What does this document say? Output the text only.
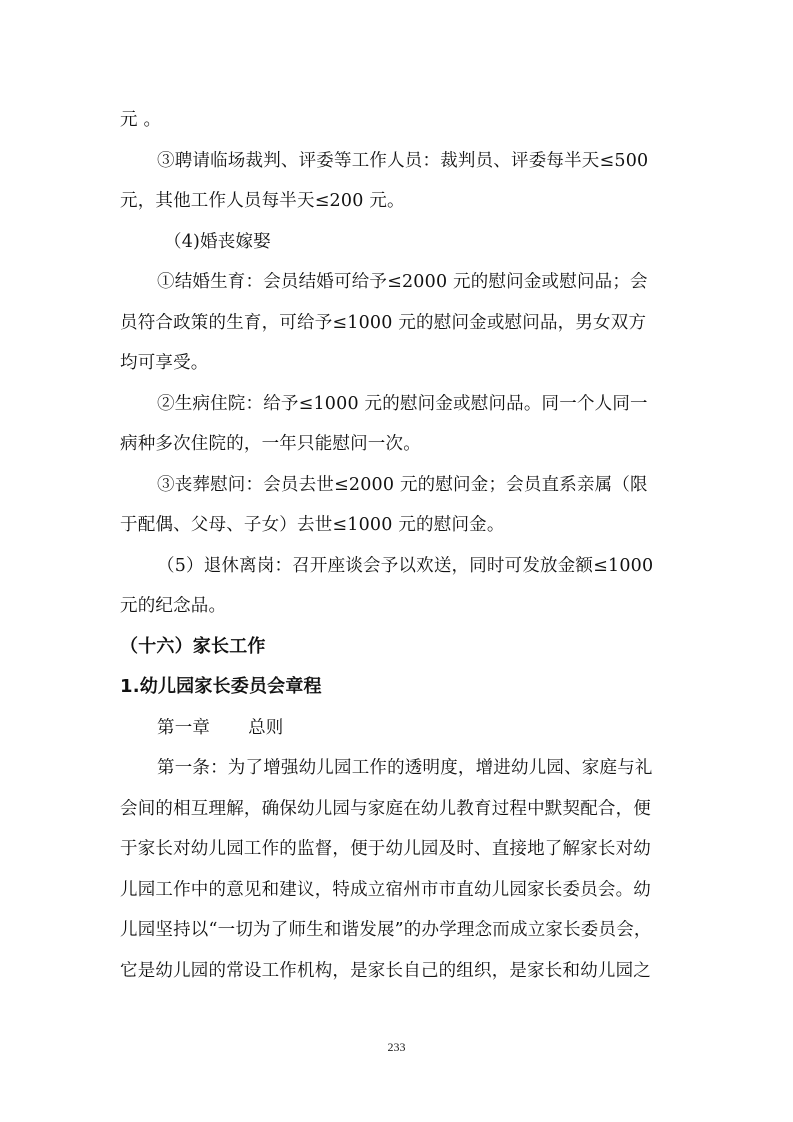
元 。
③聘请临场裁判、评委等工作人员：裁判员、评委每半天≤500
元，其他工作人员每半天≤200 元。
（4)婚丧嫁娶
①结婚生育：会员结婚可给予≤2000 元的慰问金或慰问品；会
员符合政策的生育，可给予≤1000 元的慰问金或慰问品，男女双方
均可享受。
②生病住院：给予≤1000 元的慰问金或慰问品。同一个人同一
病种多次住院的，一年只能慰问一次。
③丧葬慰问：会员去世≤2000 元的慰问金；会员直系亲属（限
于配偶、父母、子女）去世≤1000 元的慰问金。
（5）退休离岗：召开座谈会予以欢送，同时可发放金额≤1000
元的纪念品。
（十六）家长工作
1.幼儿园家长委员会章程
第一章 总则
第一条：为了增强幼儿园工作的透明度，增进幼儿园、家庭与礼
会间的相互理解，确保幼儿园与家庭在幼儿教育过程中默契配合，便
于家长对幼儿园工作的监督，便于幼儿园及时、直接地了解家长对幼
儿园工作中的意见和建议，特成立宿州市市直幼儿园家长委员会。幼
儿园坚持以“一切为了师生和谐发展”的办学理念而成立家长委员会，
它是幼儿园的常设工作机构，是家长自己的组织，是家长和幼儿园之
233
